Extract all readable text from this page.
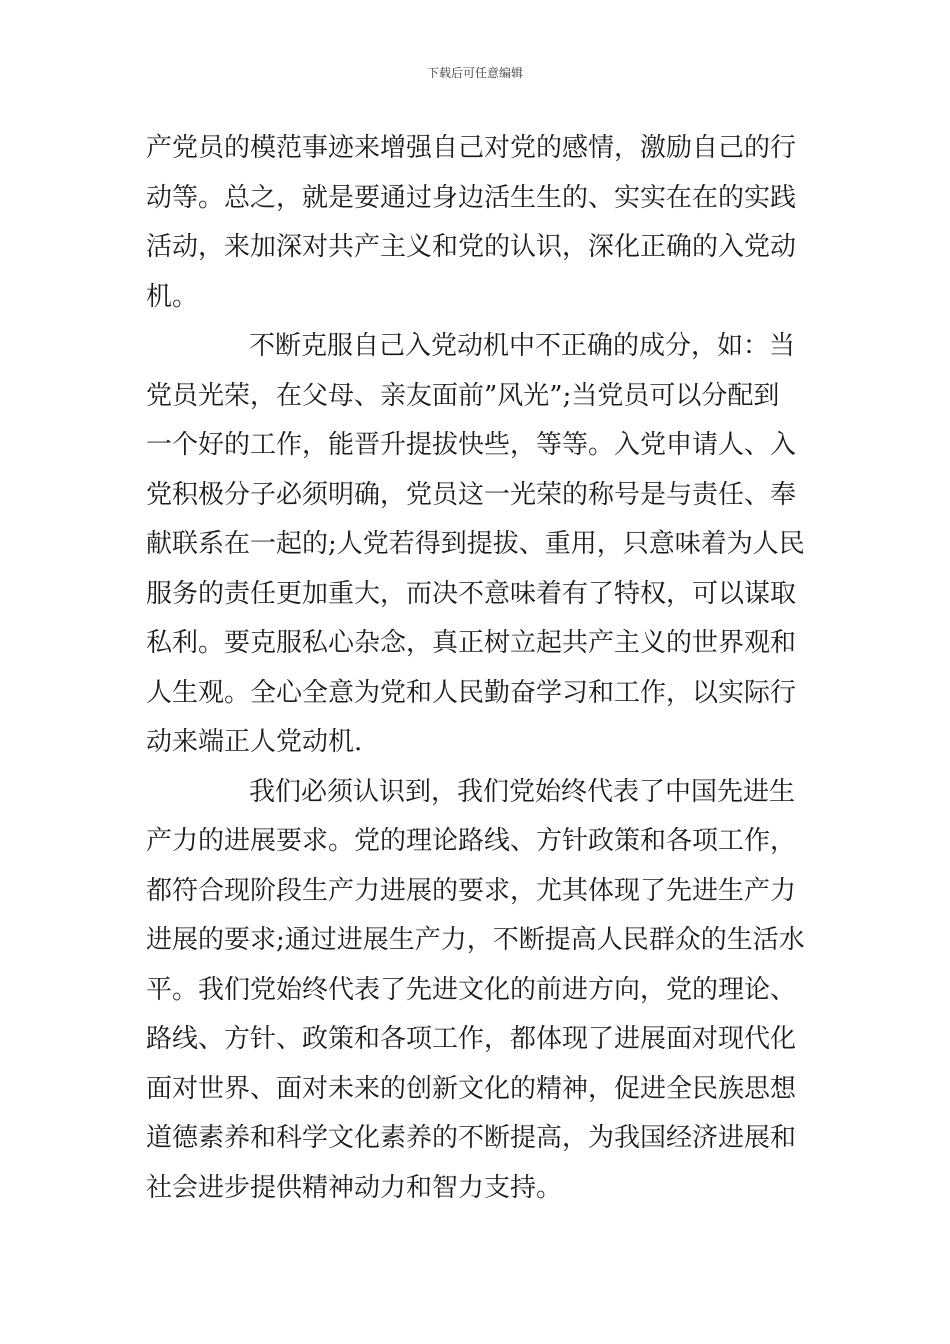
下载后可任意编辑
产党员的模范事迹来增强自己对党的感情，激励自己的行
动等。总之，就是要通过身边活生生的、实实在在的实践
活动，来加深对共产主义和党的认识，深化正确的入党动
机。
不断克服自己入党动机中不正确的成分，如：当
党员光荣，在父母、亲友面前”风光”;当党员可以分配到
一个好的工作，能晋升提拔快些，等等。入党申请人、入
党积极分子必须明确，党员这一光荣的称号是与责任、奉
献联系在一起的;人党若得到提拔、重用，只意味着为人民
服务的责任更加重大，而决不意味着有了特权，可以谋取
私利。要克服私心杂念，真正树立起共产主义的世界观和
人生观。全心全意为党和人民勤奋学习和工作，以实际行
动来端正人党动机.
我们必须认识到，我们党始终代表了中国先进生
产力的进展要求。党的理论路线、方针政策和各项工作，
都符合现阶段生产力进展的要求，尤其体现了先进生产力
进展的要求;通过进展生产力，不断提高人民群众的生活水
平。我们党始终代表了先进文化的前进方向，党的理论、
路线、方针、政策和各项工作，都体现了进展面对现代化
面对世界、面对未来的创新文化的精神，促进全民族思想
道德素养和科学文化素养的不断提高，为我国经济进展和
社会进步提供精神动力和智力支持。
